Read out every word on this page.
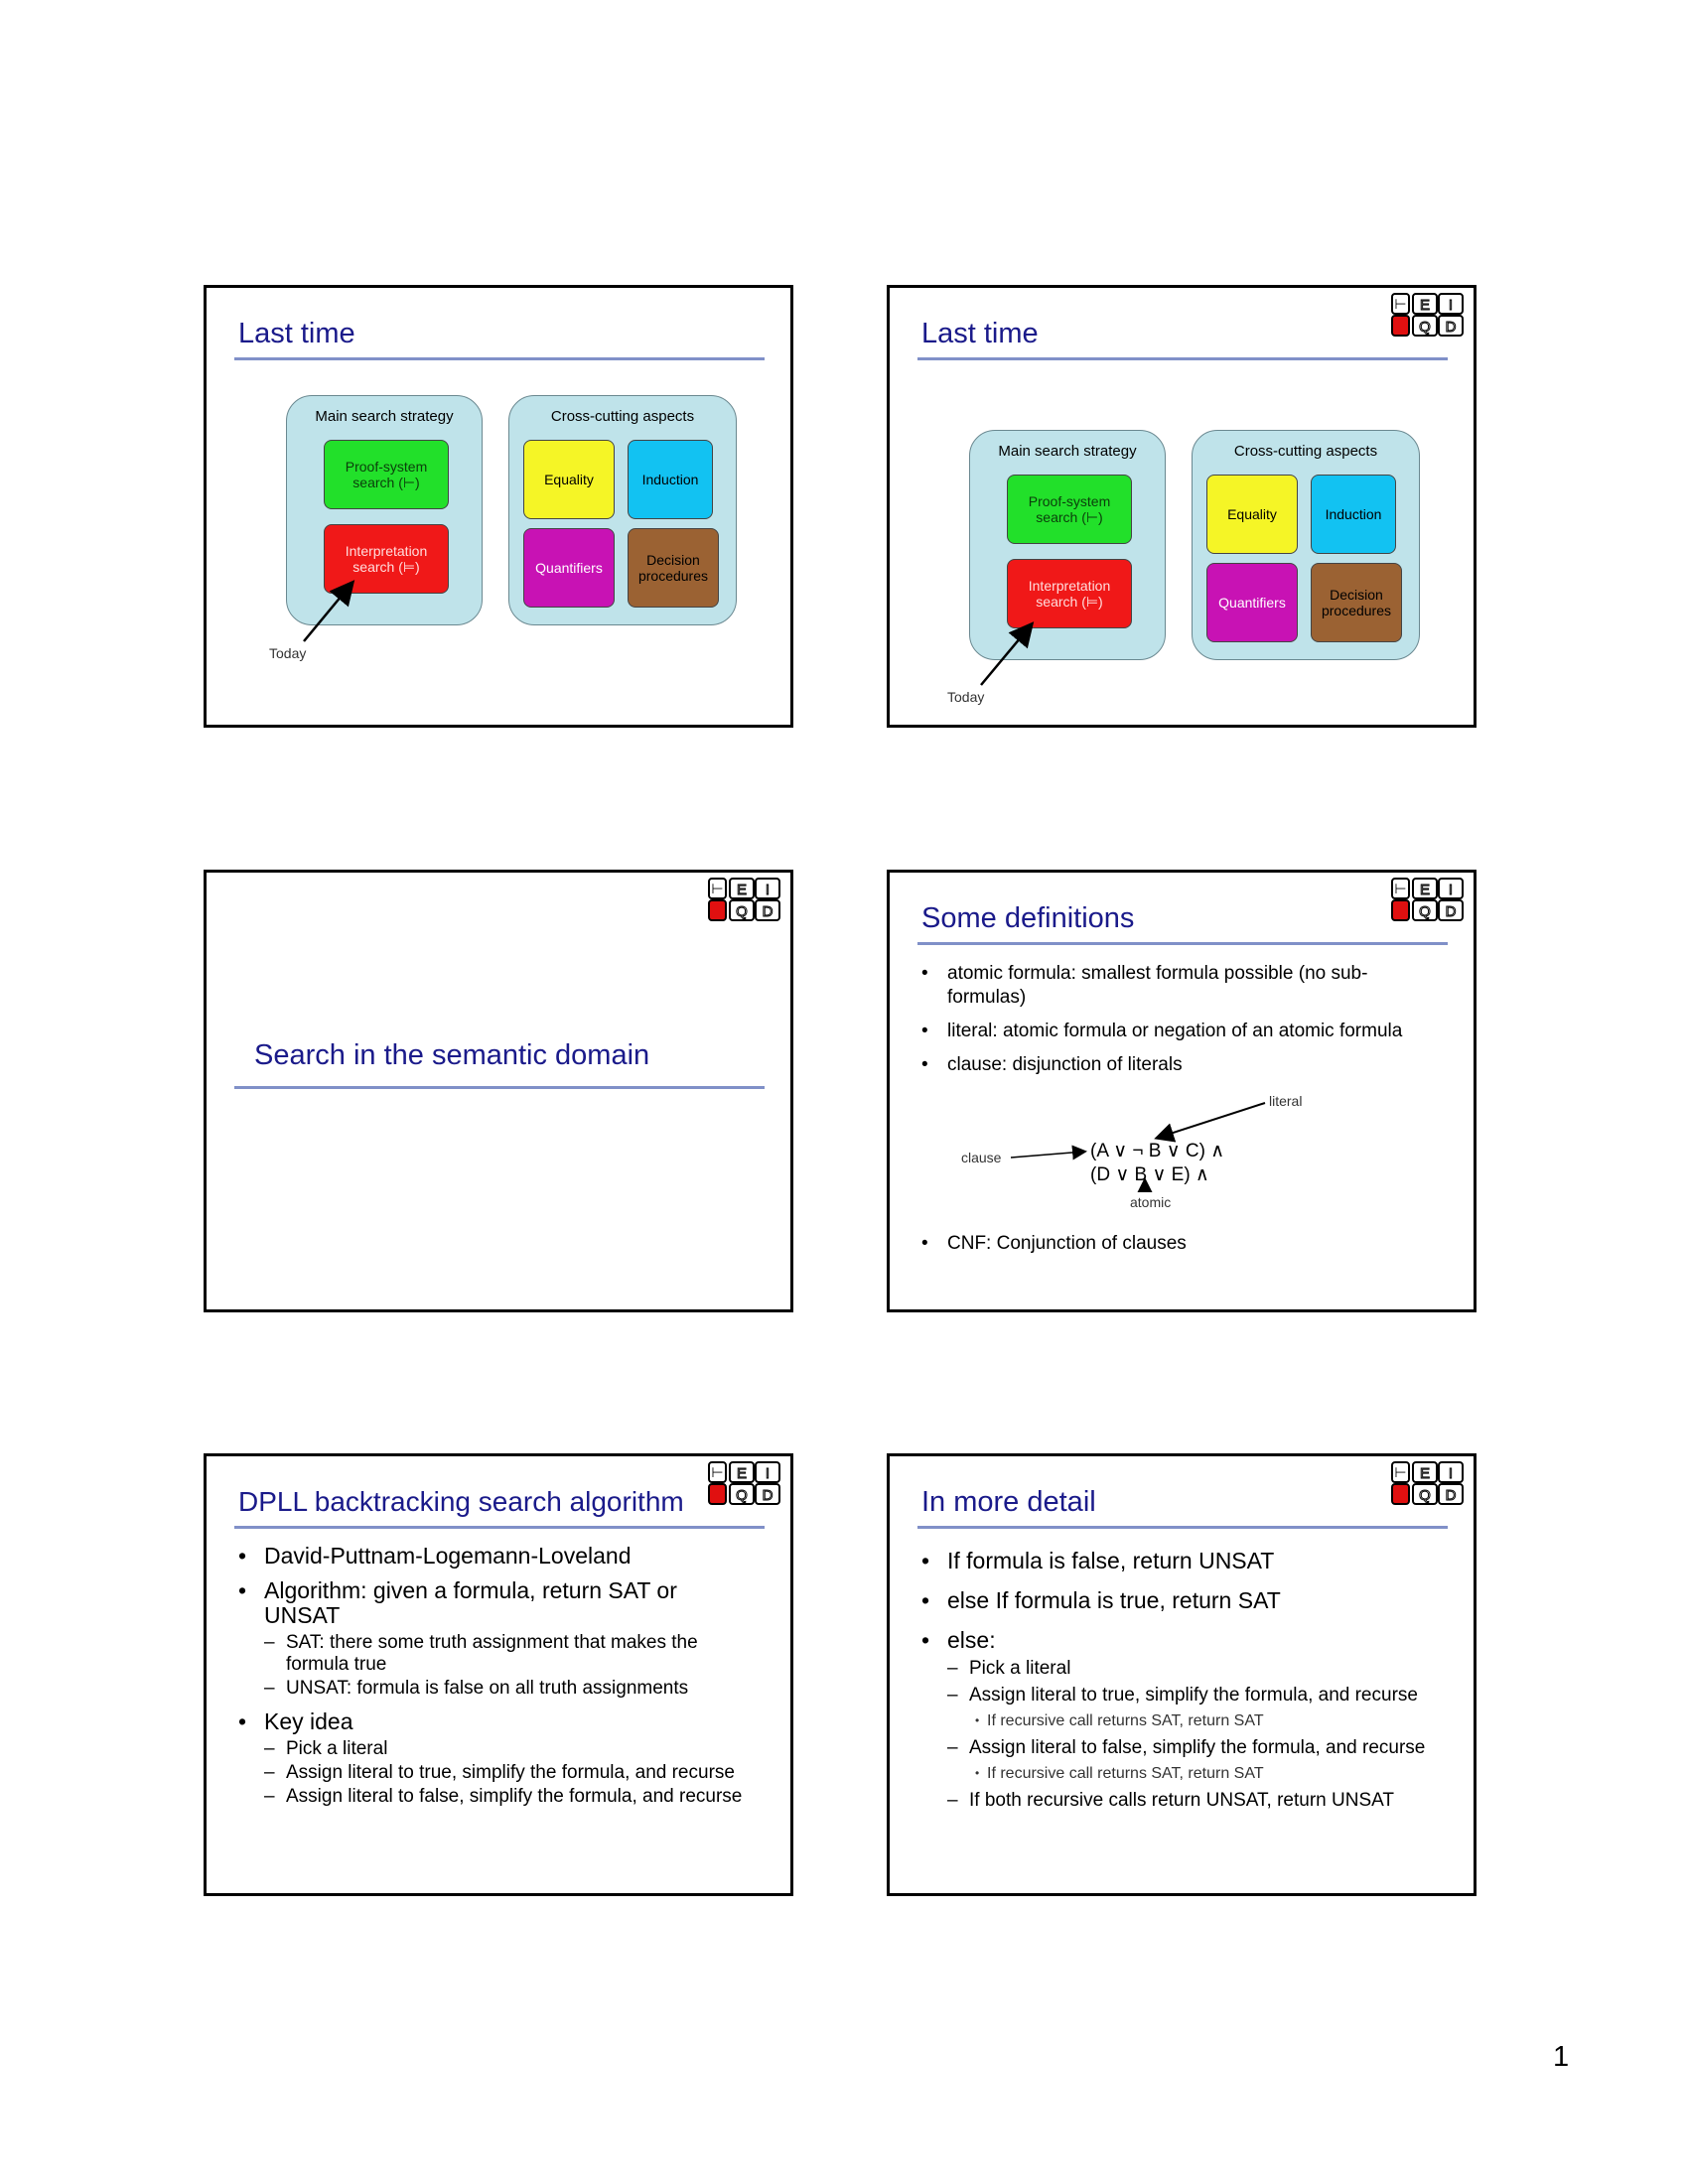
Last time
Main search strategy
Proof-system search (⊢)
Interpretation search (⊨)
Cross-cutting aspects
Equality	Induction
Quantifiers	Decision procedures
Today
⊢ E I
Q D
Last time
Main search strategy
Proof-system search (⊢)
Interpretation search (⊨)
Cross-cutting aspects
Equality	Induction
Quantifiers	Decision procedures
Today
⊢ E I
Q D
Search in the semantic domain
⊢ E I
Q D
Some definitions
• atomic formula: smallest formula possible (no sub-formulas)
• literal: atomic formula or negation of an atomic formula
• clause: disjunction of literals
(A ∨ ¬ B ∨ C) ∧
(D ∨ B ∨ E) ∧
literal
clause
atomic
• CNF: Conjunction of clauses
⊢ E I
Q D
DPLL backtracking search algorithm
• David-Puttnam-Logemann-Loveland
• Algorithm: given a formula, return SAT or UNSAT
– SAT: there some truth assignment that makes the formula true
– UNSAT: formula is false on all truth assignments
• Key idea
– Pick a literal
– Assign literal to true, simplify the formula, and recurse
– Assign literal to false, simplify the formula, and recurse
⊢ E I
Q D
In more detail
• If formula is false, return UNSAT
• else If formula is true, return SAT
• else:
– Pick a literal
– Assign literal to true, simplify the formula, and recurse
• If recursive call returns SAT, return SAT
– Assign literal to false, simplify the formula, and recurse
• If recursive call returns SAT, return SAT
– If both recursive calls return UNSAT, return UNSAT
1
